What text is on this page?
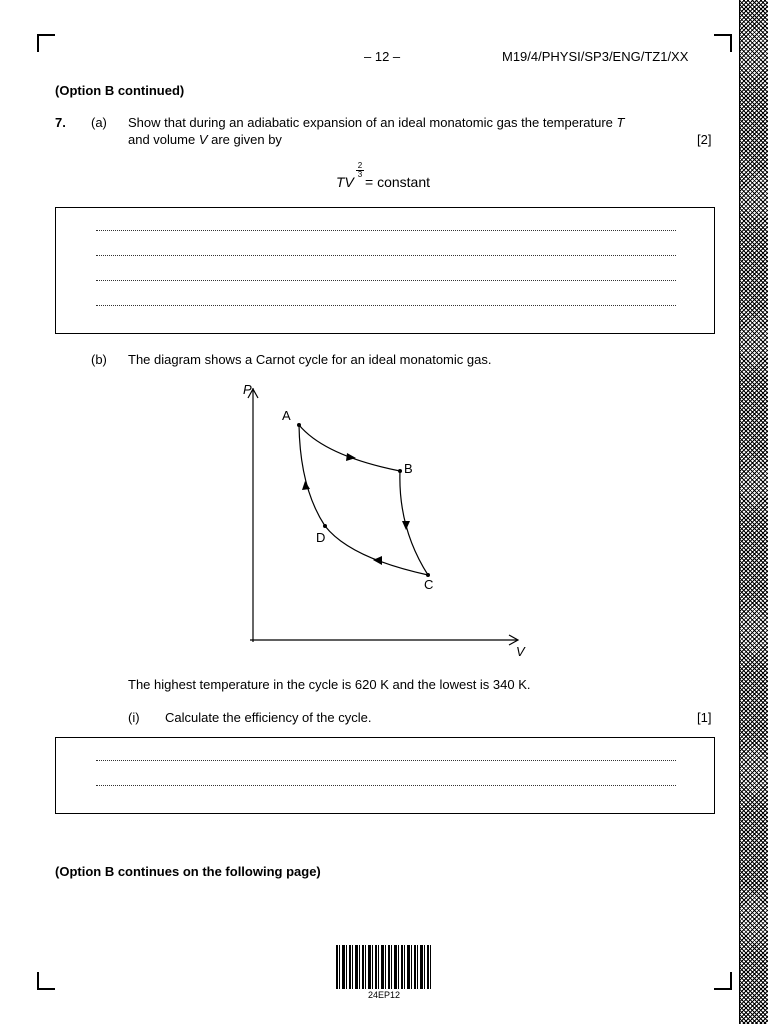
– 12 –	M19/4/PHYSI/SP3/ENG/TZ1/XX
(Option B continued)
7. (a) Show that during an adiabatic expansion of an ideal monatomic gas the temperature T
and volume V are given by	[2]
TV
2
3 = constant
(b) The diagram shows a Carnot cycle for an ideal monatomic gas.
P
V
A
B
C
D
The highest temperature in the cycle is 620 K and the lowest is 340 K.
(i) Calculate the efficiency of the cycle.	[1]
(Option B continues on the following page)
24EP12
